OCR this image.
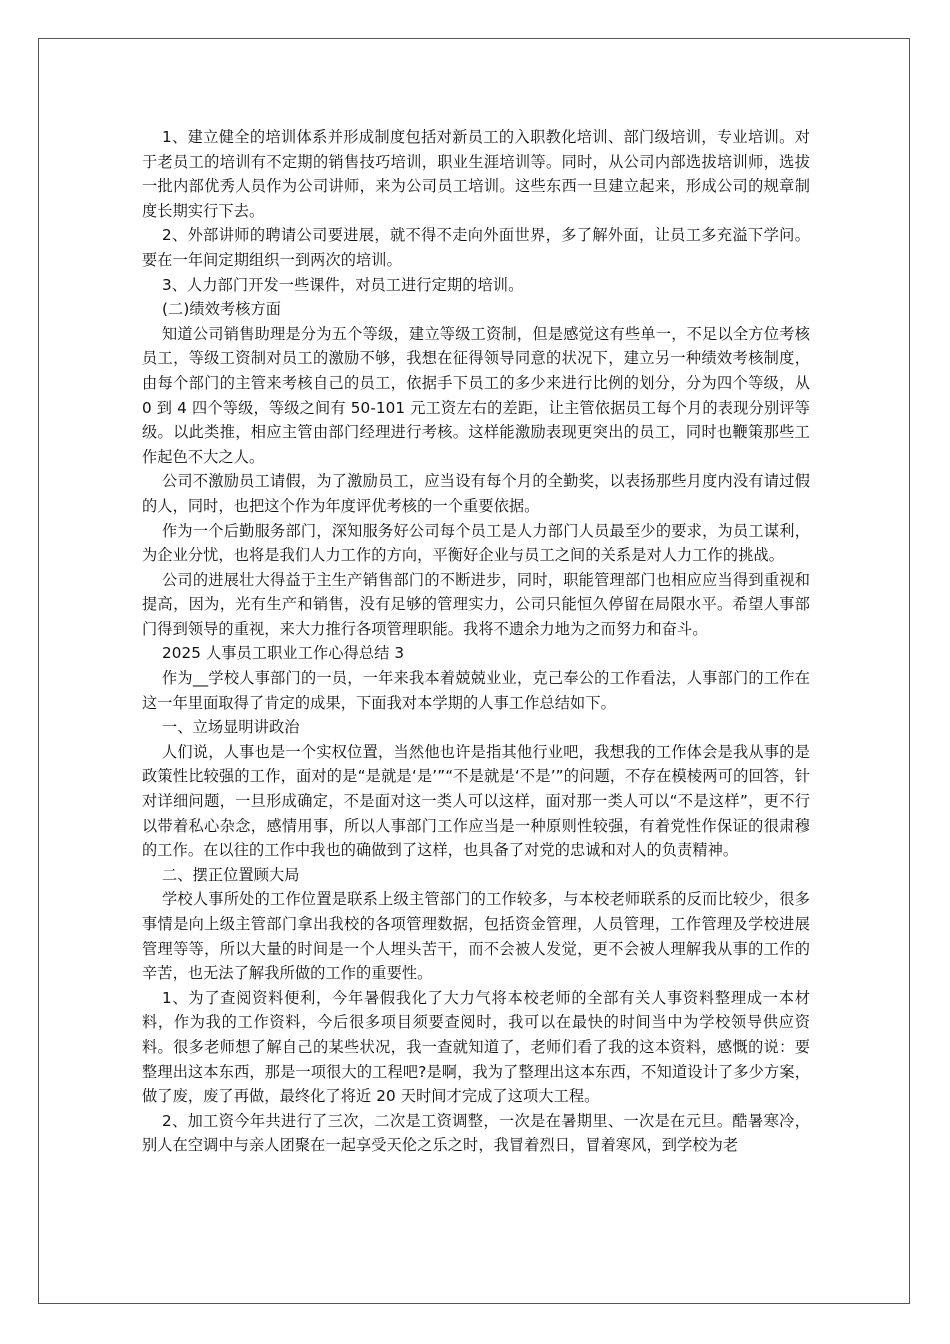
1、建立健全的培训体系并形成制度包括对新员工的入职教化培训、部门级培训，专业培训。对于老员工的培训有不定期的销售技巧培训，职业生涯培训等。同时，从公司内部选拔培训师，选拔一批内部优秀人员作为公司讲师，来为公司员工培训。这些东西一旦建立起来，形成公司的规章制度长期实行下去。

2、外部讲师的聘请公司要进展，就不得不走向外面世界，多了解外面，让员工多充溢下学问。要在一年间定期组织一到两次的培训。

3、人力部门开发一些课件，对员工进行定期的培训。

(二)绩效考核方面

知道公司销售助理是分为五个等级，建立等级工资制，但是感觉这有些单一，不足以全方位考核员工，等级工资制对员工的激励不够，我想在征得领导同意的状况下，建立另一种绩效考核制度，由每个部门的主管来考核自己的员工，依据手下员工的多少来进行比例的划分，分为四个等级，从 0 到 4 四个等级，等级之间有 50-101 元工资左右的差距，让主管依据员工每个月的表现分别评等级。以此类推，相应主管由部门经理进行考核。这样能激励表现更突出的员工，同时也鞭策那些工作起色不大之人。

公司不激励员工请假，为了激励员工，应当设有每个月的全勤奖，以表扬那些月度内没有请过假的人，同时，也把这个作为年度评优考核的一个重要依据。

作为一个后勤服务部门，深知服务好公司每个员工是人力部门人员最至少的要求，为员工谋利，为企业分忧，也将是我们人力工作的方向，平衡好企业与员工之间的关系是对人力工作的挑战。

公司的进展壮大得益于主生产销售部门的不断进步，同时，职能管理部门也相应应当得到重视和提高，因为，光有生产和销售，没有足够的管理实力，公司只能恒久停留在局限水平。希望人事部门得到领导的重视，来大力推行各项管理职能。我将不遗余力地为之而努力和奋斗。

2025 人事员工职业工作心得总结 3

作为__学校人事部门的一员，一年来我本着兢兢业业，克己奉公的工作看法，人事部门的工作在这一年里面取得了肯定的成果，下面我对本学期的人事工作总结如下。

一、立场显明讲政治

人们说，人事也是一个实权位置，当然他也许是指其他行业吧，我想我的工作体会是我从事的是政策性比较强的工作，面对的是“是就是‘是’”“不是就是‘不是’”的问题，不存在模棱两可的回答，针对详细问题，一旦形成确定，不是面对这一类人可以这样，面对那一类人可以“不是这样”，更不行以带着私心杂念，感情用事，所以人事部门工作应当是一种原则性较强，有着党性作保证的很肃穆的工作。在以往的工作中我也的确做到了这样，也具备了对党的忠诚和对人的负责精神。

二、摆正位置顾大局

学校人事所处的工作位置是联系上级主管部门的工作较多，与本校老师联系的反而比较少，很多事情是向上级主管部门拿出我校的各项管理数据，包括资金管理，人员管理，工作管理及学校进展管理等等，所以大量的时间是一个人埋头苦干，而不会被人发觉，更不会被人理解我从事的工作的辛苦，也无法了解我所做的工作的重要性。

1、为了查阅资料便利，今年暑假我化了大力气将本校老师的全部有关人事资料整理成一本材料，作为我的工作资料，今后很多项目须要查阅时，我可以在最快的时间当中为学校领导供应资料。很多老师想了解自己的某些状况，我一查就知道了，老师们看了我的这本资料，感慨的说：要整理出这本东西，那是一项很大的工程吧?是啊，我为了整理出这本东西，不知道设计了多少方案，做了废，废了再做，最终化了将近 20 天时间才完成了这项大工程。

2、加工资今年共进行了三次，二次是工资调整，一次是在暑期里、一次是在元旦。酷暑寒冷，别人在空调中与亲人团聚在一起享受天伦之乐之时，我冒着烈日，冒着寒风，到学校为老
